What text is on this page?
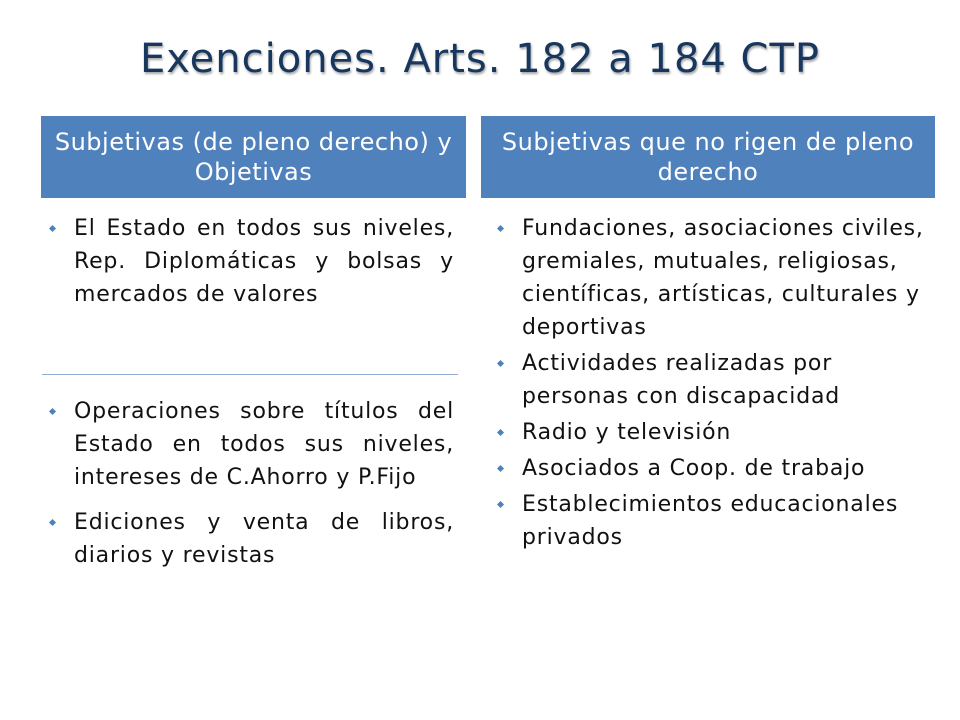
Exenciones. Arts. 182 a 184 CTP
Subjetivas (de pleno derecho) y Objetivas
Subjetivas que no rigen de pleno derecho
El Estado en todos sus niveles, Rep. Diplomáticas y bolsas y mercados de valores
Operaciones sobre títulos del Estado en todos sus niveles, intereses de C.Ahorro y P.Fijo
Ediciones y venta de libros, diarios y revistas
Fundaciones, asociaciones civiles, gremiales, mutuales, religiosas, científicas, artísticas, culturales y deportivas
Actividades realizadas por personas con discapacidad
Radio y televisión
Asociados a Coop. de trabajo
Establecimientos educacionales privados
